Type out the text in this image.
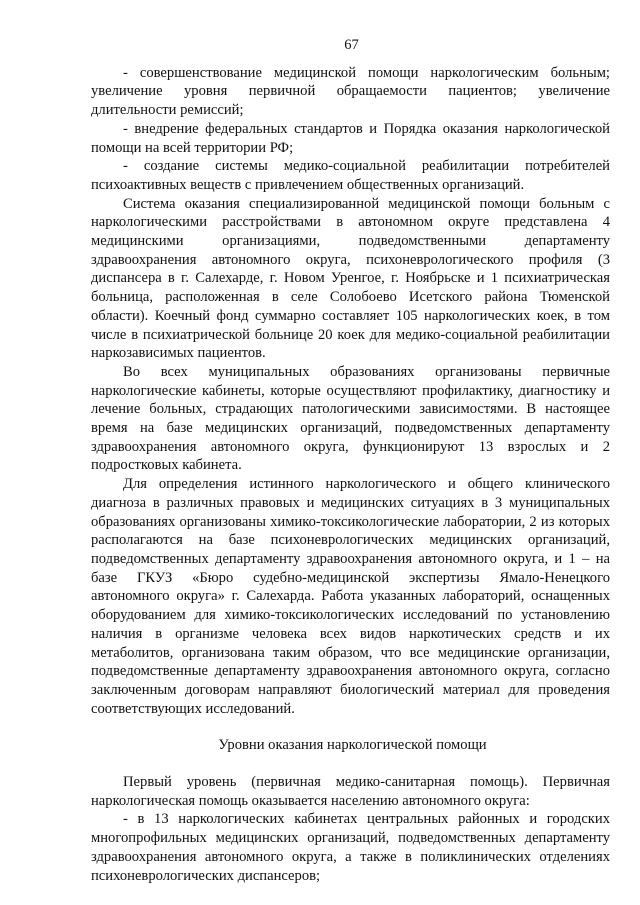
67

- совершенствование медицинской помощи наркологическим больным; увеличение уровня первичной обращаемости пациентов; увеличение длительности ремиссий;

- внедрение федеральных стандартов и Порядка оказания наркологической помощи на всей территории РФ;

- создание системы медико-социальной реабилитации потребителей психоактивных веществ с привлечением общественных организаций.

Система оказания специализированной медицинской помощи больным с наркологическими расстройствами в автономном округе представлена 4 медицинскими организациями, подведомственными департаменту здравоохранения автономного округа, психоневрологического профиля (3 диспансера в г. Салехарде, г. Новом Уренгое, г. Ноябрьске и 1 психиатрическая больница, расположенная в селе Солобоево Исетского района Тюменской области). Коечный фонд суммарно составляет 105 наркологических коек, в том числе в психиатрической больнице 20 коек для медико-социальной реабилитации наркозависимых пациентов.

Во всех муниципальных образованиях организованы первичные наркологические кабинеты, которые осуществляют профилактику, диагностику и лечение больных, страдающих патологическими зависимостями. В настоящее время на базе медицинских организаций, подведомственных департаменту здравоохранения автономного округа, функционируют 13 взрослых и 2 подростковых кабинета.

Для определения истинного наркологического и общего клинического диагноза в различных правовых и медицинских ситуациях в 3 муниципальных образованиях организованы химико-токсикологические лаборатории, 2 из которых располагаются на базе психоневрологических медицинских организаций, подведомственных департаменту здравоохранения автономного округа, и 1 – на базе ГКУЗ «Бюро судебно-медицинской экспертизы Ямало-Ненецкого автономного округа» г. Салехарда. Работа указанных лабораторий, оснащенных оборудованием для химико-токсикологических исследований по установлению наличия в организме человека всех видов наркотических средств и их метаболитов, организована таким образом, что все медицинские организации, подведомственные департаменту здравоохранения автономного округа, согласно заключенным договорам направляют биологический материал для проведения соответствующих исследований.

Уровни оказания наркологической помощи

Первый уровень (первичная медико-санитарная помощь). Первичная наркологическая помощь оказывается населению автономного округа:

- в 13 наркологических кабинетах центральных районных и городских многопрофильных медицинских организаций, подведомственных департаменту здравоохранения автономного округа, а также в поликлинических отделениях психоневрологических диспансеров;
